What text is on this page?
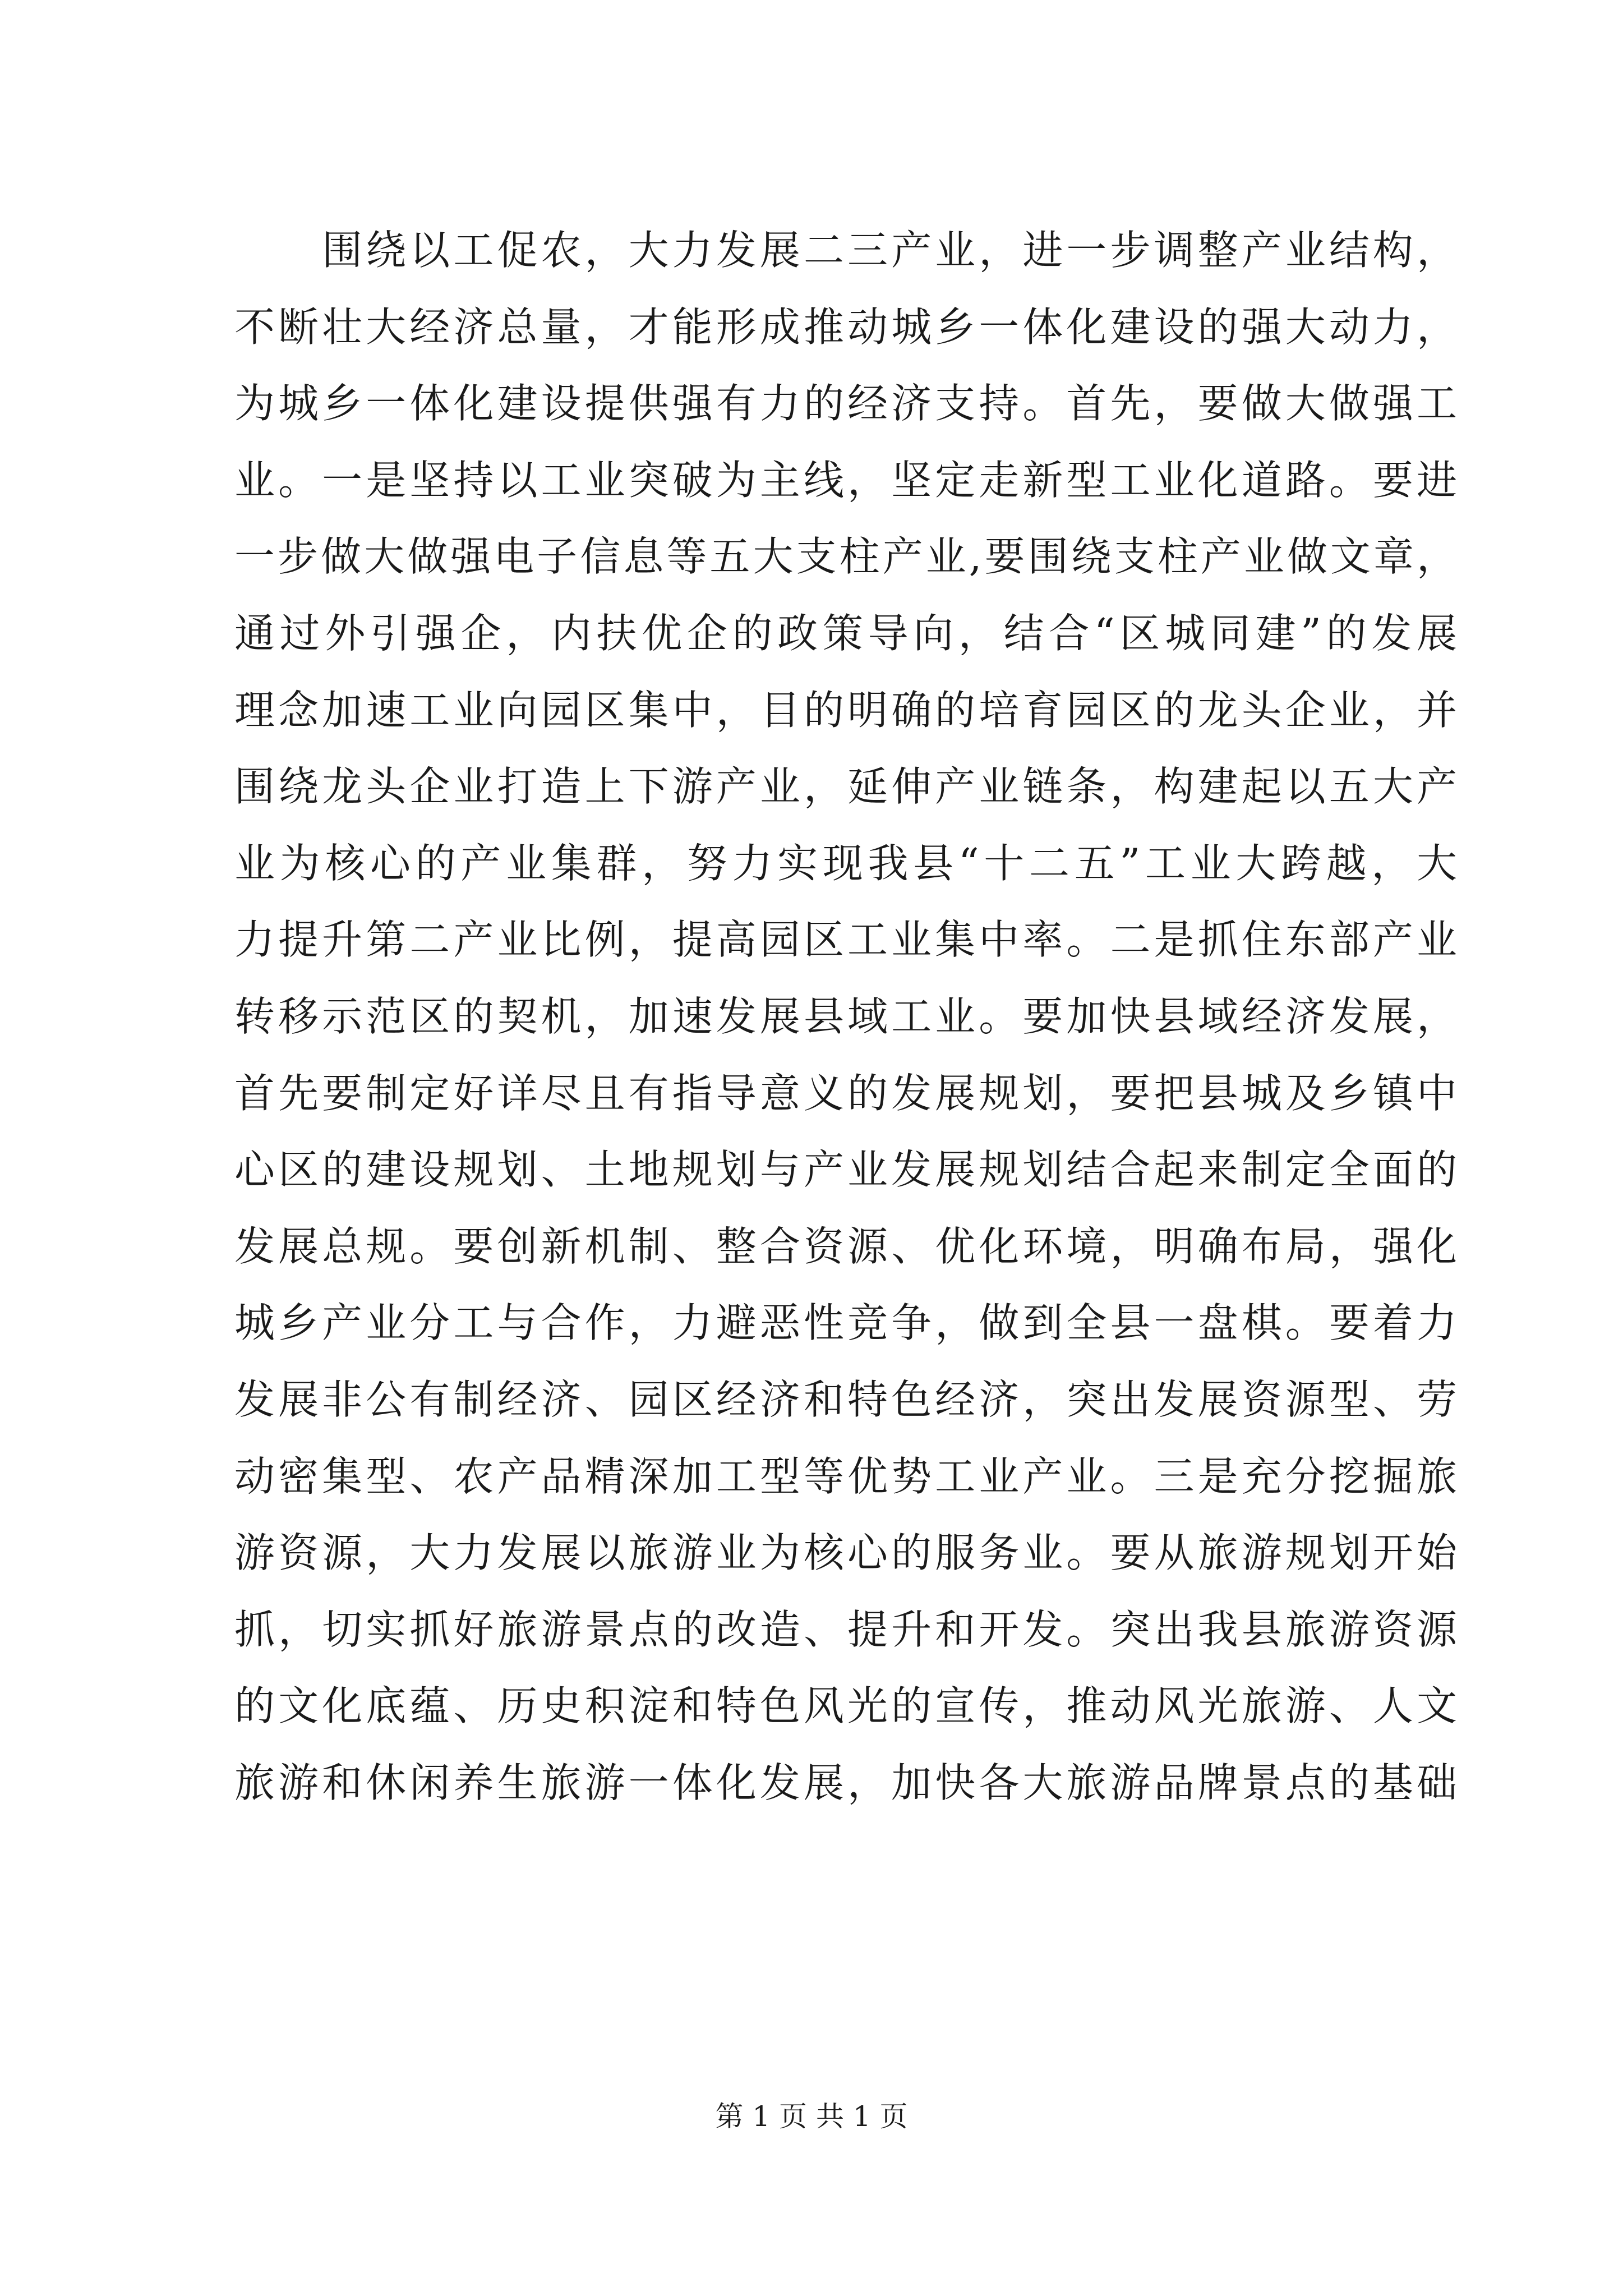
　　围绕以工促农，大力发展二三产业，进一步调整产业结构，
不断壮大经济总量，才能形成推动城乡一体化建设的强大动力，
为城乡一体化建设提供强有力的经济支持。首先，要做大做强工
业。一是坚持以工业突破为主线，坚定走新型工业化道路。要进
一步做大做强电子信息等五大支柱产业,要围绕支柱产业做文章，
通过外引强企，内扶优企的政策导向，结合“区城同建”的发展
理念加速工业向园区集中，目的明确的培育园区的龙头企业，并
围绕龙头企业打造上下游产业，延伸产业链条，构建起以五大产
业为核心的产业集群，努力实现我县“十二五”工业大跨越，大
力提升第二产业比例，提高园区工业集中率。二是抓住东部产业
转移示范区的契机，加速发展县域工业。要加快县域经济发展，
首先要制定好详尽且有指导意义的发展规划，要把县城及乡镇中
心区的建设规划、土地规划与产业发展规划结合起来制定全面的
发展总规。要创新机制、整合资源、优化环境，明确布局，强化
城乡产业分工与合作，力避恶性竞争，做到全县一盘棋。要着力
发展非公有制经济、园区经济和特色经济，突出发展资源型、劳
动密集型、农产品精深加工型等优势工业产业。三是充分挖掘旅
游资源，大力发展以旅游业为核心的服务业。要从旅游规划开始
抓，切实抓好旅游景点的改造、提升和开发。突出我县旅游资源
的文化底蕴、历史积淀和特色风光的宣传，推动风光旅游、人文
旅游和休闲养生旅游一体化发展，加快各大旅游品牌景点的基础
第 1 页 共 1 页
